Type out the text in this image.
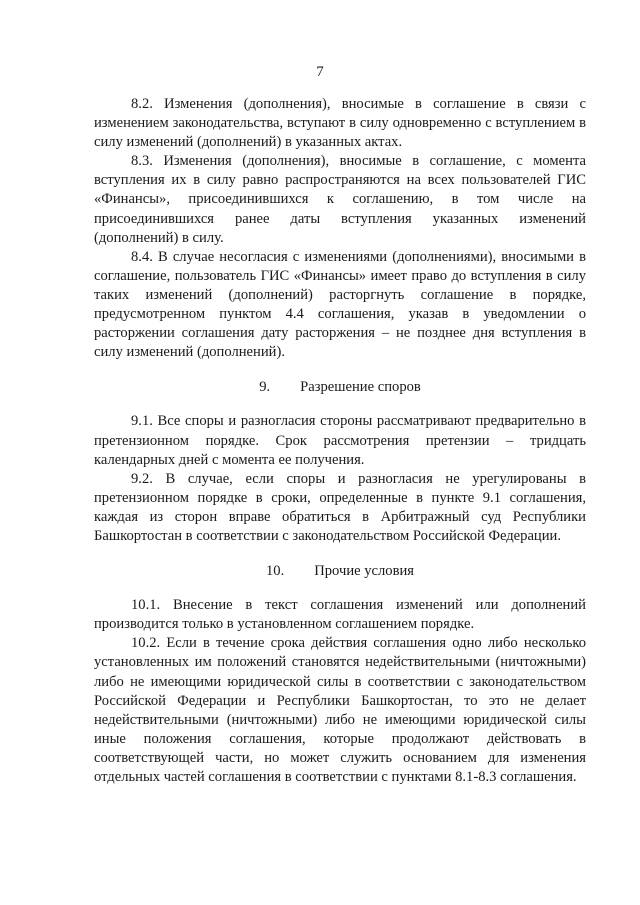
7

8.2. Изменения (дополнения), вносимые в соглашение в связи с изменением законодательства, вступают в силу одновременно с вступлением в силу изменений (дополнений) в указанных актах.

8.3. Изменения (дополнения), вносимые в соглашение, с момента вступления их в силу равно распространяются на всех пользователей ГИС «Финансы», присоединившихся к соглашению, в том числе на присоединившихся ранее даты вступления указанных изменений (дополнений) в силу.

8.4. В случае несогласия с изменениями (дополнениями), вносимыми в соглашение, пользователь ГИС «Финансы» имеет право до вступления в силу таких изменений (дополнений) расторгнуть соглашение в порядке, предусмотренном пунктом 4.4 соглашения, указав в уведомлении о расторжении соглашения дату расторжения – не позднее дня вступления в силу изменений (дополнений).

9. Разрешение споров

9.1. Все споры и разногласия стороны рассматривают предварительно в претензионном порядке. Срок рассмотрения претензии – тридцать календарных дней с момента ее получения.

9.2. В случае, если споры и разногласия не урегулированы в претензионном порядке в сроки, определенные в пункте 9.1 соглашения, каждая из сторон вправе обратиться в Арбитражный суд Республики Башкортостан в соответствии с законодательством Российской Федерации.

10. Прочие условия

10.1. Внесение в текст соглашения изменений или дополнений производится только в установленном соглашением порядке.

10.2. Если в течение срока действия соглашения одно либо несколько установленных им положений становятся недействительными (ничтожными) либо не имеющими юридической силы в соответствии с законодательством Российской Федерации и Республики Башкортостан, то это не делает недействительными (ничтожными) либо не имеющими юридической силы иные положения соглашения, которые продолжают действовать в соответствующей части, но может служить основанием для изменения отдельных частей соглашения в соответствии с пунктами 8.1-8.3 соглашения.
